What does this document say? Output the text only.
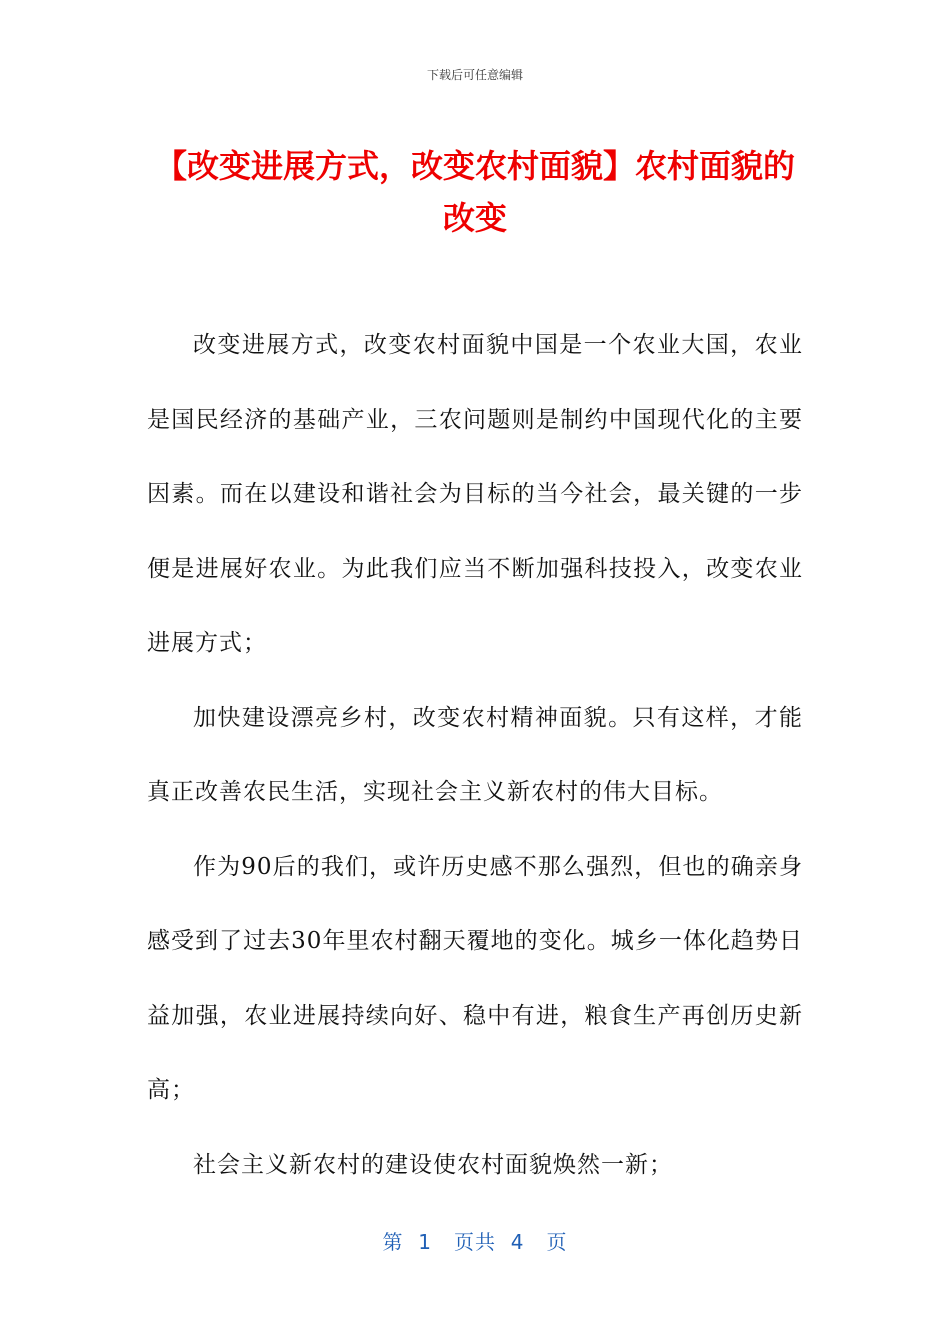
下载后可任意编辑
【改变进展方式，改变农村面貌】农村面貌的改变

改变进展方式，改变农村面貌中国是一个农业大国，农业是国民经济的基础产业，三农问题则是制约中国现代化的主要因素。而在以建设和谐社会为目标的当今社会，最关键的一步便是进展好农业。为此我们应当不断加强科技投入，改变农业进展方式；

加快建设漂亮乡村，改变农村精神面貌。只有这样，才能真正改善农民生活，实现社会主义新农村的伟大目标。

作为90后的我们，或许历史感不那么强烈，但也的确亲身感受到了过去30年里农村翻天覆地的变化。城乡一体化趋势日益加强，农业进展持续向好、稳中有进，粮食生产再创历史新高；

社会主义新农村的建设使农村面貌焕然一新；

第  1   页共  4   页
